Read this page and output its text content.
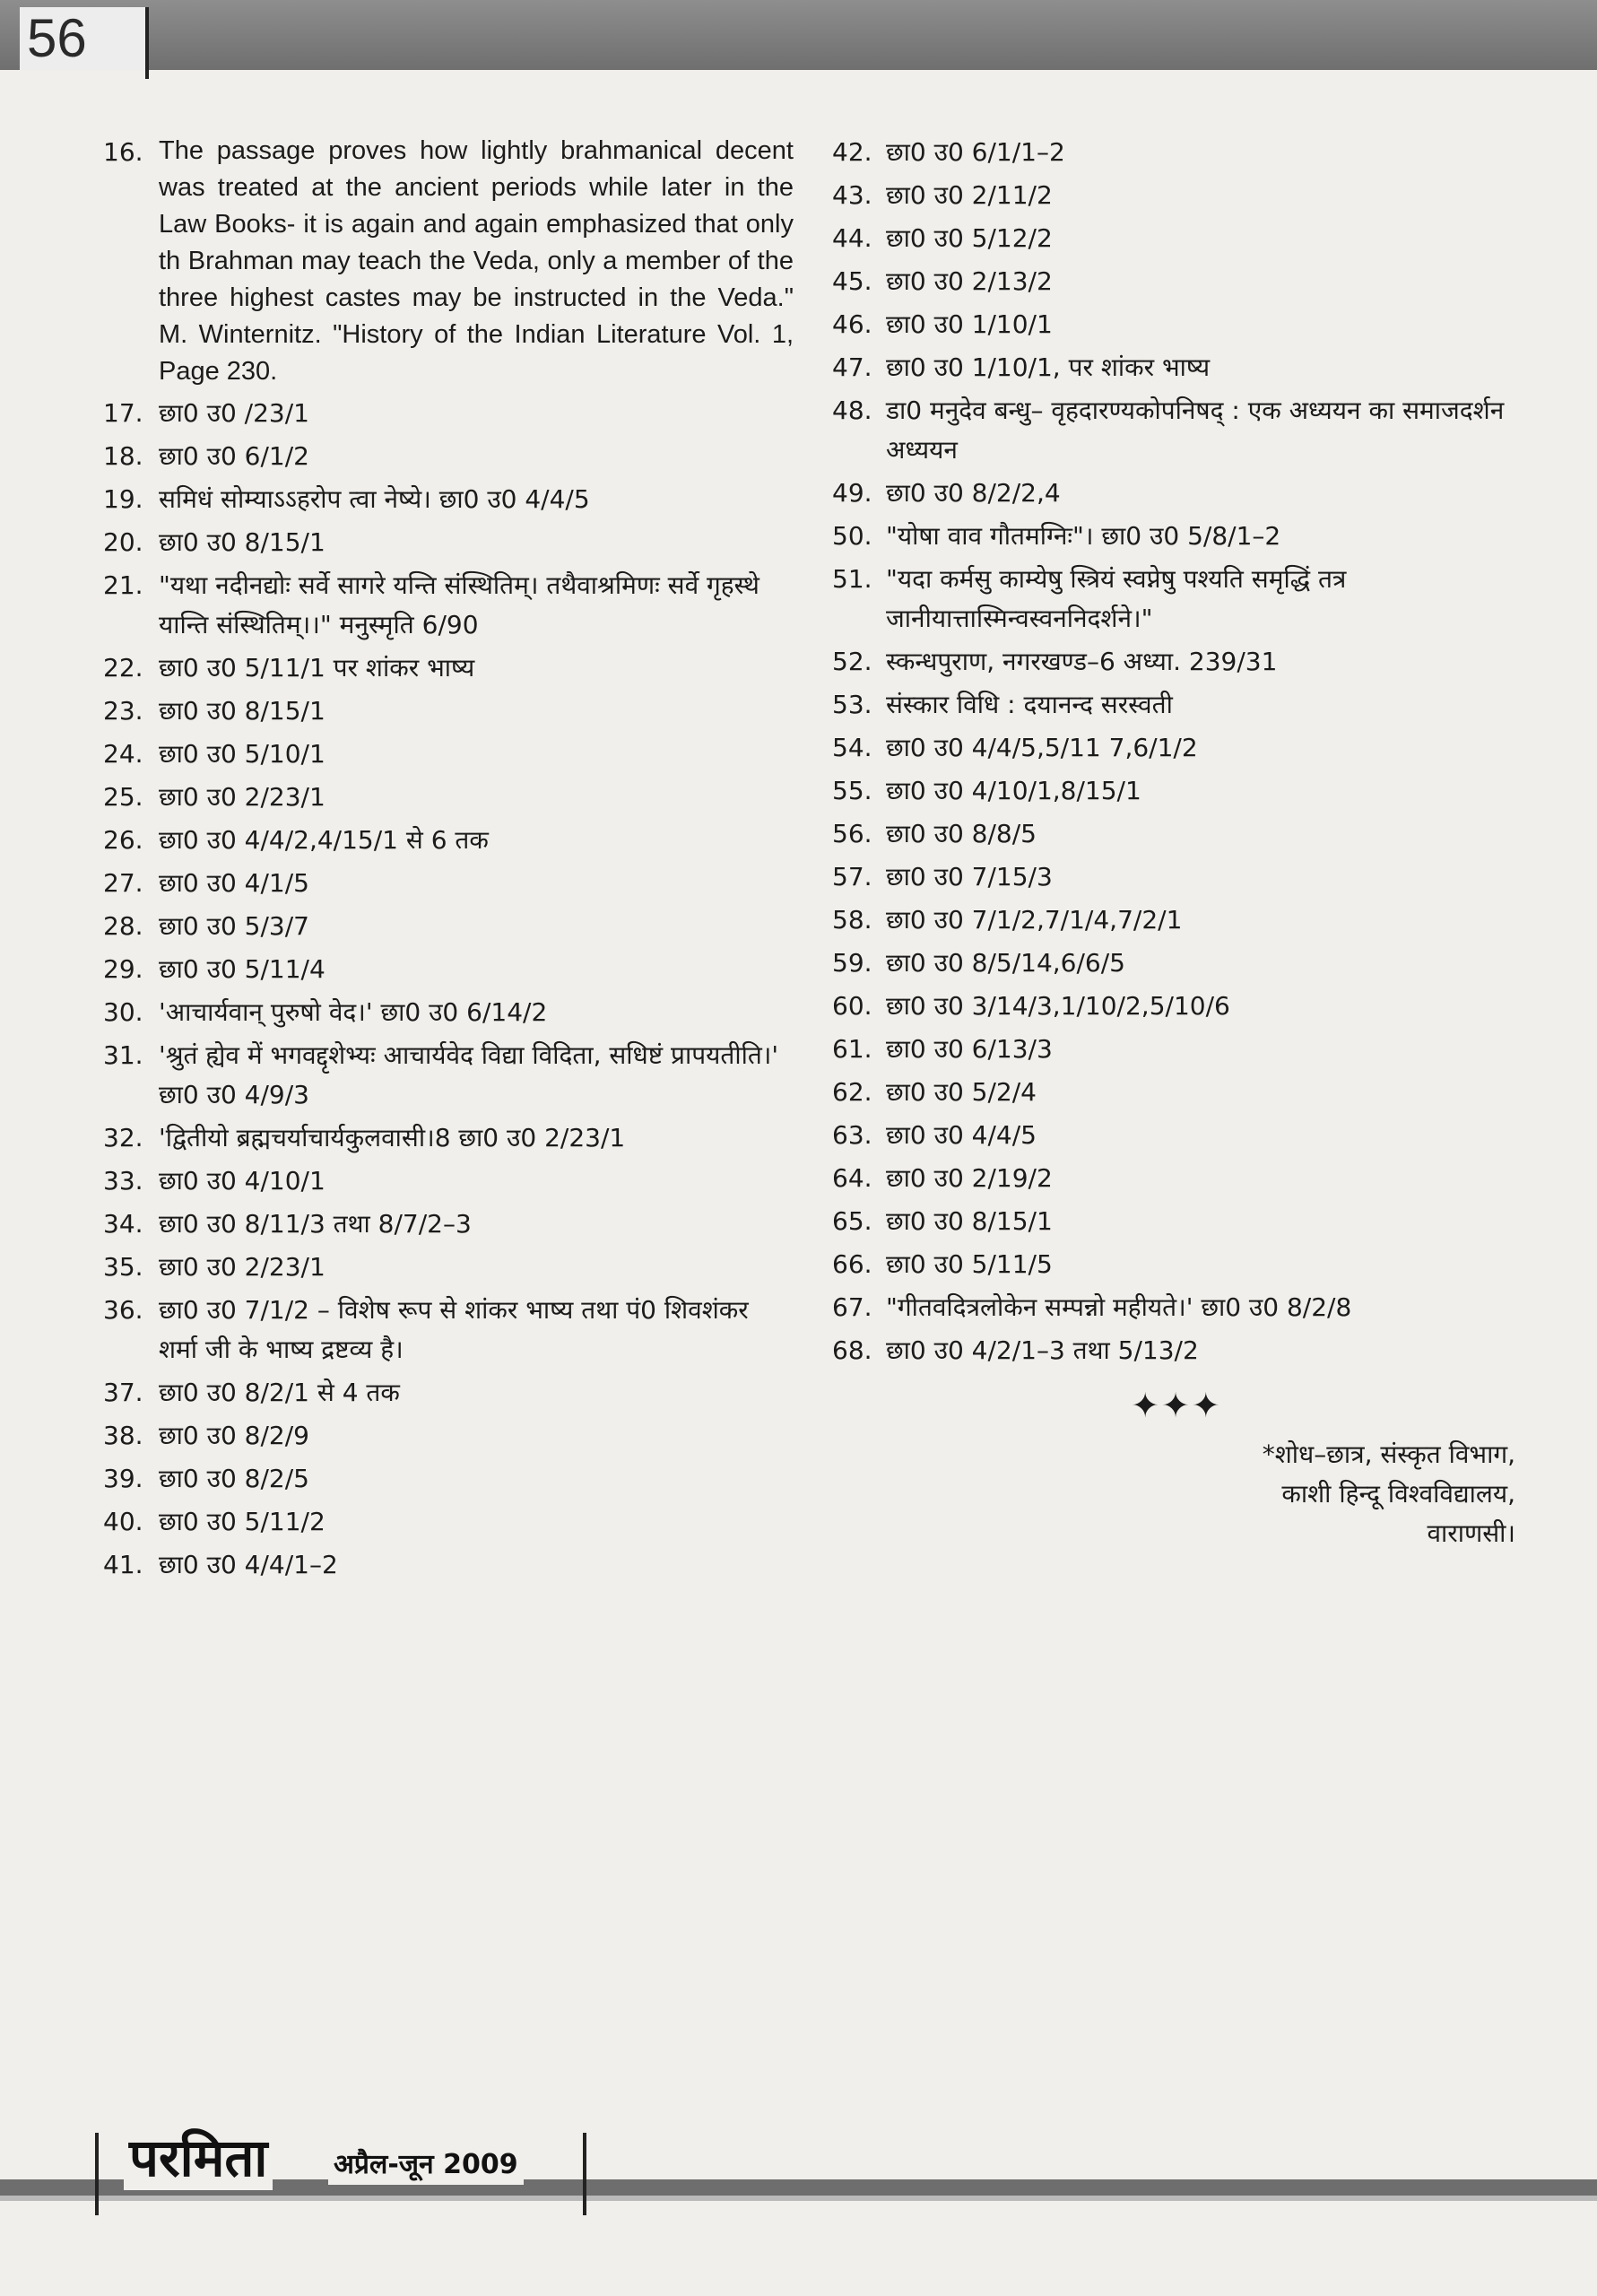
56
16. The passage proves how lightly brahmanical decent was treated at the ancient periods while later in the Law Books- it is again and again emphasized that only th Brahman may teach the Veda, only a member of the three highest castes may be instructed in the Veda." M. Winternitz. "History of the Indian Literature Vol. 1, Page 230.
17. छा0 उ0 /23/1
18. छा0 उ0 6/1/2
19. समिधं सोम्याऽऽहरोप त्वा नेष्ये। छा0 उ0 4/4/5
20. छा0 उ0 8/15/1
21. "यथा नदीनद्योः सर्वे सागरे यन्ति संस्थितिम्। तथैवाश्रमिणः सर्वे गृहस्थे यान्ति संस्थितिम्।।" मनुस्मृति 6/90
22. छा0 उ0 5/11/1 पर शांकर भाष्य
23. छा0 उ0 8/15/1
24. छा0 उ0 5/10/1
25. छा0 उ0 2/23/1
26. छा0 उ0 4/4/2,4/15/1 से 6 तक
27. छा0 उ0 4/1/5
28. छा0 उ0 5/3/7
29. छा0 उ0 5/11/4
30. 'आचार्यवान् पुरुषो वेद।' छा0 उ0 6/14/2
31. 'श्रुतं ह्येव में भगवद्दृशेभ्यः आचार्यवेद विद्या विदिता, सधिष्टं प्रापयतीति।' छा0 उ0 4/9/3
32. 'द्वितीयो ब्रह्मचर्याचार्यकुलवासी।8 छा0 उ0 2/23/1
33. छा0 उ0 4/10/1
34. छा0 उ0 8/11/3 तथा 8/7/2–3
35. छा0 उ0 2/23/1
36. छा0 उ0 7/1/2 – विशेष रूप से शांकर भाष्य तथा पं0 शिवशंकर शर्मा जी के भाष्य द्रष्टव्य है।
37. छा0 उ0 8/2/1 से 4 तक
38. छा0 उ0 8/2/9
39. छा0 उ0 8/2/5
40. छा0 उ0 5/11/2
41. छा0 उ0 4/4/1–2
42. छा0 उ0 6/1/1–2
43. छा0 उ0 2/11/2
44. छा0 उ0 5/12/2
45. छा0 उ0 2/13/2
46. छा0 उ0 1/10/1
47. छा0 उ0 1/10/1, पर शांकर भाष्य
48. डा0 मनुदेव बन्धु– वृहदारण्यकोपनिषद् : एक अध्ययन का समाजदर्शन अध्ययन
49. छा0 उ0 8/2/2,4
50. "योषा वाव गौतमग्निः"। छा0 उ0 5/8/1–2
51. "यदा कर्मसु काम्येषु स्त्रियं स्वप्नेषु पश्यति समृद्धिं तत्र जानीयात्तास्मिन्वस्वननिदर्शने।"
52. स्कन्धपुराण, नगरखण्ड–6 अध्या. 239/31
53. संस्कार विधि : दयानन्द सरस्वती
54. छा0 उ0 4/4/5,5/11 7,6/1/2
55. छा0 उ0 4/10/1,8/15/1
56. छा0 उ0 8/8/5
57. छा0 उ0 7/15/3
58. छा0 उ0 7/1/2,7/1/4,7/2/1
59. छा0 उ0 8/5/14,6/6/5
60. छा0 उ0 3/14/3,1/10/2,5/10/6
61. छा0 उ0 6/13/3
62. छा0 उ0 5/2/4
63. छा0 उ0 4/4/5
64. छा0 उ0 2/19/2
65. छा0 उ0 8/15/1
66. छा0 उ0 5/11/5
67. "गीतवदित्रलोकेन सम्पन्नो महीयते।' छा0 उ0 8/2/8
68. छा0 उ0 4/2/1–3 तथा 5/13/2
✦✦✦
*शोध–छात्र, संस्कृत विभाग,
काशी हिन्दू विश्वविद्यालय,
वाराणसी।
परमिता अप्रैल-जून 2009
